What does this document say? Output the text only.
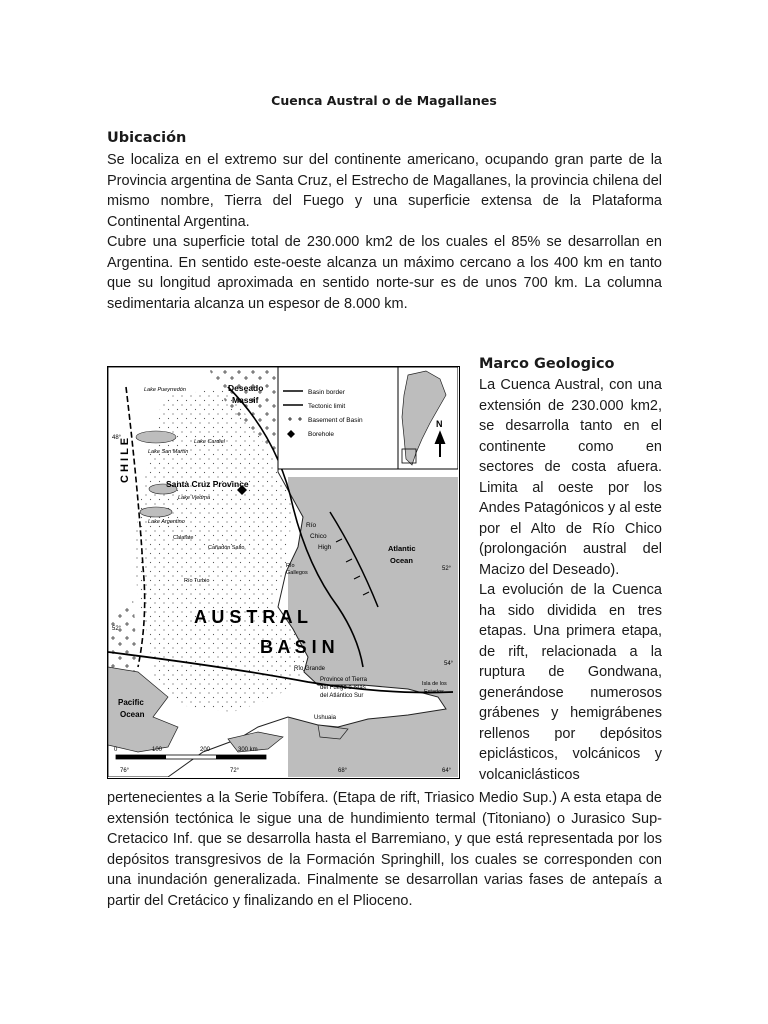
Cuenca Austral o de Magallanes
Ubicación

Se localiza en el extremo sur del continente americano, ocupando gran parte de la Provincia argentina de Santa Cruz, el Estrecho de Magallanes, la provincia chilena del mismo nombre, Tierra del Fuego y una superficie extensa de la Plataforma Continental Argentina.

Cubre una superficie total de 230.000 km2 de los cuales el 85% se desarrollan en Argentina. En sentido este-oeste alcanza un máximo cercano a los 400 km en tanto que su longitud aproximada en sentido norte-sur es de unos 700 km. La columna sedimentaria alcanza un espesor de 8.000 km.

Marco Geologico

La Cuenca Austral, con una extensión de 230.000 km2, se desarrolla tanto en el continente como en sectores de costa afuera. Limita al oeste por los Andes Patagónicos y al este por el Alto de Río Chico (prolongación austral del Macizo del Deseado).

La evolución de la Cuenca ha sido dividida en tres etapas. Una primera etapa, de rift, relacionada a la ruptura de Gondwana, generándose numerosos grábenes y hemigrábenes rellenos por depósitos epiclásticos, volcánicos y volcaniclásticos

pertenecientes a la Serie Tobífera. (Etapa de rift, Triasico Medio Sup.) A esta etapa de extensión tectónica le sigue una de hundimiento termal (Titoniano) o Jurasico Sup-Cretacico Inf. que se desarrolla hasta el Barremiano, y que está representada por los depósitos transgresivos de la Formación Springhill, los cuales se corresponden con una inundación generalizada. Finalmente se desarrollan varias fases de antepaís a partir del Cretácico y finalizando en el Plioceno.
Basin border
Tectonic limit
Basement of Basin
Borehole
N
C H I L E
Deseado
Massif
Lake Pueyrredón
Lake San Martín
Lake Cardiel
Lake Viedma
Lake Argentino
Santa Cruz Province
Calafate
Cañadón Salto
Río Turbio
Río
Chico
High
Río
Gallegos
Atlantic
Ocean
A U S T R A L
B A S I N
Río Grande
Province of Tierra
del Fuego e Islas
del Atlántico Sur
Isla de los
Estados
Ushuaia
Pacific
Ocean
0	100	200	300 km
76°	72°	68°	64°
48°
52°
52°
54°
